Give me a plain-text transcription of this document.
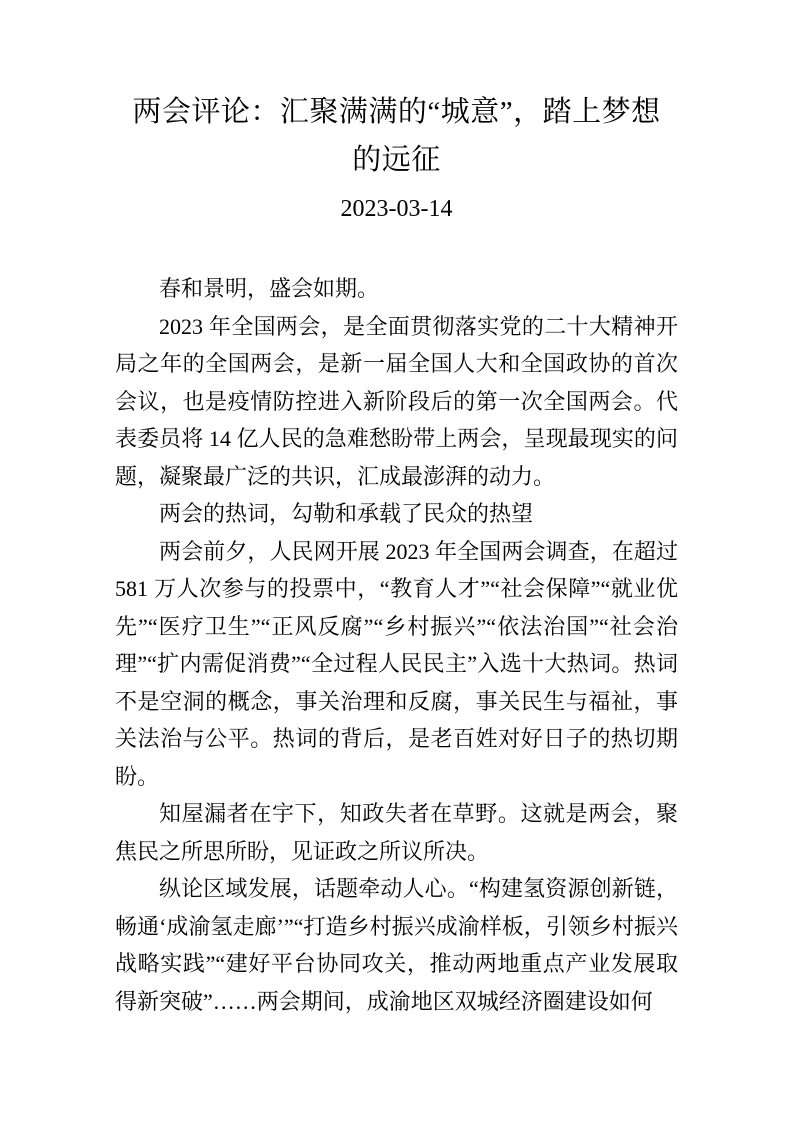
两会评论：汇聚满满的“城意”，踏上梦想的远征
2023-03-14

春和景明，盛会如期。

2023 年全国两会，是全面贯彻落实党的二十大精神开局之年的全国两会，是新一届全国人大和全国政协的首次会议，也是疫情防控进入新阶段后的第一次全国两会。代表委员将 14 亿人民的急难愁盼带上两会，呈现最现实的问题，凝聚最广泛的共识，汇成最澎湃的动力。

两会的热词，勾勒和承载了民众的热望

两会前夕，人民网开展 2023 年全国两会调查，在超过 581 万人次参与的投票中，“教育人才”“社会保障”“就业优先”“医疗卫生”“正风反腐”“乡村振兴”“依法治国”“社会治理”“扩内需促消费”“全过程人民民主”入选十大热词。热词不是空洞的概念，事关治理和反腐，事关民生与福祉，事关法治与公平。热词的背后，是老百姓对好日子的热切期盼。

知屋漏者在宇下，知政失者在草野。这就是两会，聚焦民之所思所盼，见证政之所议所决。

纵论区域发展，话题牵动人心。“构建氢资源创新链，畅通‘成渝氢走廊’”“打造乡村振兴成渝样板，引领乡村振兴战略实践”“建好平台协同攻关，推动两地重点产业发展取得新突破”……两会期间，成渝地区双城经济圈建设如何
